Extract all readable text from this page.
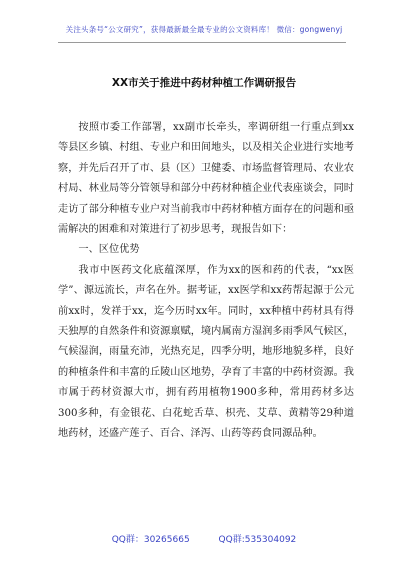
关注头条号“公文研究”，获得最新最全最专业的公文资料库！ 微信：gongwenyj
XX市关于推进中药材种植工作调研报告

按照市委工作部署，xx副市长牵头，率调研组一行重点到xx等县区乡镇、村组、专业户和田间地头，以及相关企业进行实地考察，并先后召开了市、县（区）卫健委、市场监督管理局、农业农村局、林业局等分管领导和部分中药材种植企业代表座谈会，同时走访了部分种植专业户对当前我市中药材种植方面存在的问题和亟需解决的困难和对策进行了初步思考，现报告如下：

一、区位优势

我市中医药文化底蕴深厚，作为xx的医和药的代表，“xx医学”、源远流长，声名在外。据考证，xx医学和xx药帮起源于公元前xx时，发祥于xx，迄今历时xx年。同时，xx种植中药材具有得天独厚的自然条件和资源禀赋，境内属南方湿润多雨季风气候区，气候湿润，雨量充沛，光热充足，四季分明，地形地貌多样，良好的种植条件和丰富的丘陵山区地势，孕育了丰富的中药材资源。我市属于药材资源大市，拥有药用植物1900多种，常用药材多达300多种，有金银花、白花蛇舌草、枳壳、艾草、黄精等29种道地药材，还盛产莲子、百合、泽泻、山药等药食同源品种。

QQ群：30265665	QQ群:535304092
